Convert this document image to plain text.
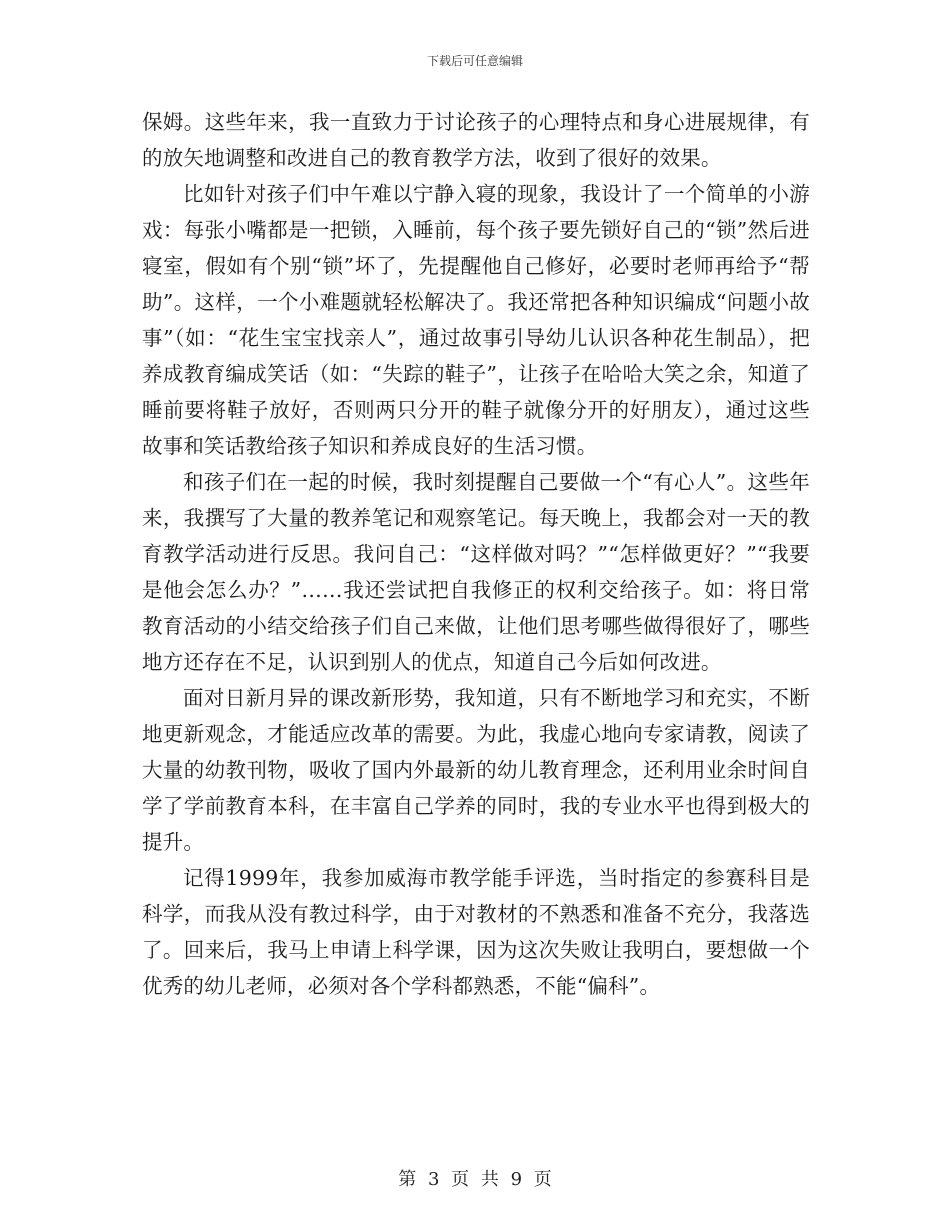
下载后可任意编辑

保姆。这些年来，我一直致力于讨论孩子的心理特点和身心进展规律，有的放矢地调整和改进自己的教育教学方法，收到了很好的效果。

比如针对孩子们中午难以宁静入寝的现象，我设计了一个简单的小游戏：每张小嘴都是一把锁，入睡前，每个孩子要先锁好自己的“锁”然后进寝室，假如有个别“锁”坏了，先提醒他自己修好，必要时老师再给予“帮助”。这样，一个小难题就轻松解决了。我还常把各种知识编成“问题小故事”（如：“花生宝宝找亲人”，通过故事引导幼儿认识各种花生制品），把养成教育编成笑话（如：“失踪的鞋子”，让孩子在哈哈大笑之余，知道了睡前要将鞋子放好，否则两只分开的鞋子就像分开的好朋友），通过这些故事和笑话教给孩子知识和养成良好的生活习惯。

和孩子们在一起的时候，我时刻提醒自己要做一个“有心人”。这些年来，我撰写了大量的教养笔记和观察笔记。每天晚上，我都会对一天的教育教学活动进行反思。我问自己：“这样做对吗？”“怎样做更好？”“我要是他会怎么办？”……我还尝试把自我修正的权利交给孩子。如：将日常教育活动的小结交给孩子们自己来做，让他们思考哪些做得很好了，哪些地方还存在不足，认识到别人的优点，知道自己今后如何改进。

面对日新月异的课改新形势，我知道，只有不断地学习和充实，不断地更新观念，才能适应改革的需要。为此，我虚心地向专家请教，阅读了大量的幼教刊物，吸收了国内外最新的幼儿教育理念，还利用业余时间自学了学前教育本科，在丰富自己学养的同时，我的专业水平也得到极大的提升。

记得1999年，我参加威海市教学能手评选，当时指定的参赛科目是科学，而我从没有教过科学，由于对教材的不熟悉和准备不充分，我落选了。回来后，我马上申请上科学课，因为这次失败让我明白，要想做一个优秀的幼儿老师，必须对各个学科都熟悉，不能“偏科”。

第 3 页 共 9 页
